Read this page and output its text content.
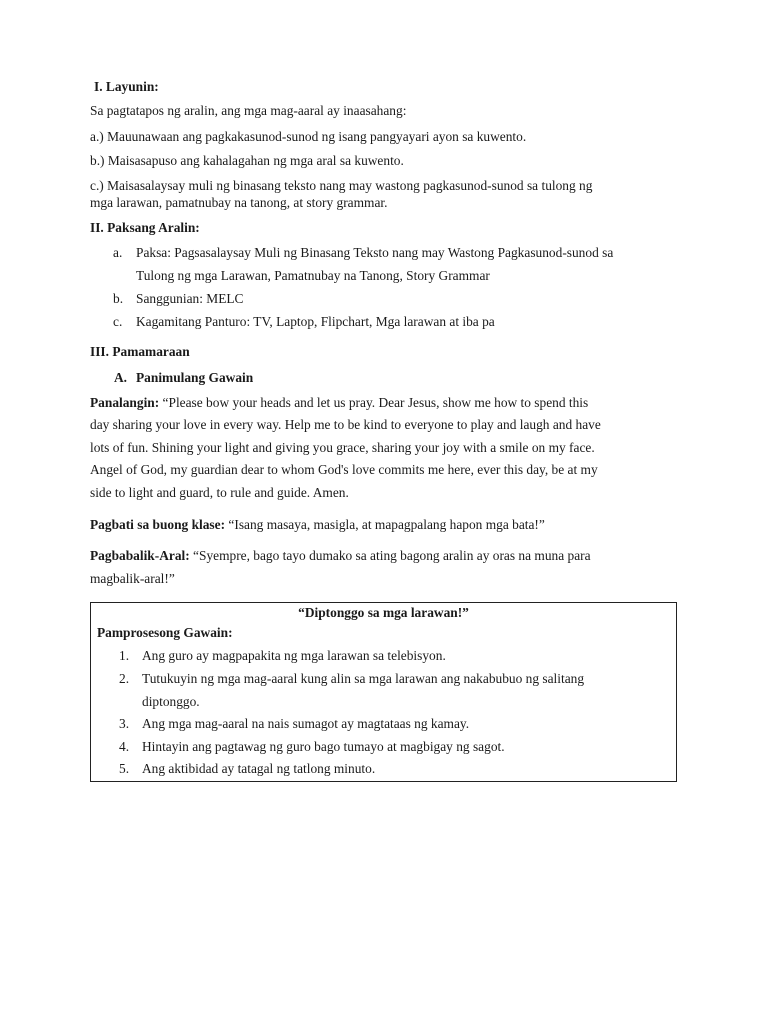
I. Layunin:
Sa pagtatapos ng aralin, ang mga mag-aaral ay inaasahang:
a.) Mauunawaan ang pagkakasunod-sunod ng isang pangyayari ayon sa kuwento.
b.) Maisasapuso ang kahalagahan ng mga aral sa kuwento.
c.) Maisasalaysay muli ng binasang teksto nang may wastong pagkasunod-sunod sa tulong ng
mga larawan, pamatnubay na tanong, at story grammar.
II. Paksang Aralin:
a. Paksa: Pagsasalaysay Muli ng Binasang Teksto nang may Wastong Pagkasunod-sunod sa
Tulong ng mga Larawan, Pamatnubay na Tanong, Story Grammar
b. Sanggunian: MELC
c. Kagamitang Panturo: TV, Laptop, Flipchart, Mga larawan at iba pa
III. Pamamaraan
A. Panimulang Gawain
Panalangin: “Please bow your heads and let us pray. Dear Jesus, show me how to spend this
day sharing your love in every way. Help me to be kind to everyone to play and laugh and have
lots of fun. Shining your light and giving you grace, sharing your joy with a smile on my face.
Angel of God, my guardian dear to whom God's love commits me here, ever this day, be at my
side to light and guard, to rule and guide. Amen.
Pagbati sa buong klase: “Isang masaya, masigla, at mapagpalang hapon mga bata!”
Pagbabalik-Aral: “Syempre, bago tayo dumako sa ating bagong aralin ay oras na muna para
magbalik-aral!”
“Diptonggo sa mga larawan!”
Pamprosesong Gawain:
1. Ang guro ay magpapakita ng mga larawan sa telebisyon.
2. Tutukuyin ng mga mag-aaral kung alin sa mga larawan ang nakabubuo ng salitang
diptonggo.
3. Ang mga mag-aaral na nais sumagot ay magtataas ng kamay.
4. Hintayin ang pagtawag ng guro bago tumayo at magbigay ng sagot.
5. Ang aktibidad ay tatagal ng tatlong minuto.
